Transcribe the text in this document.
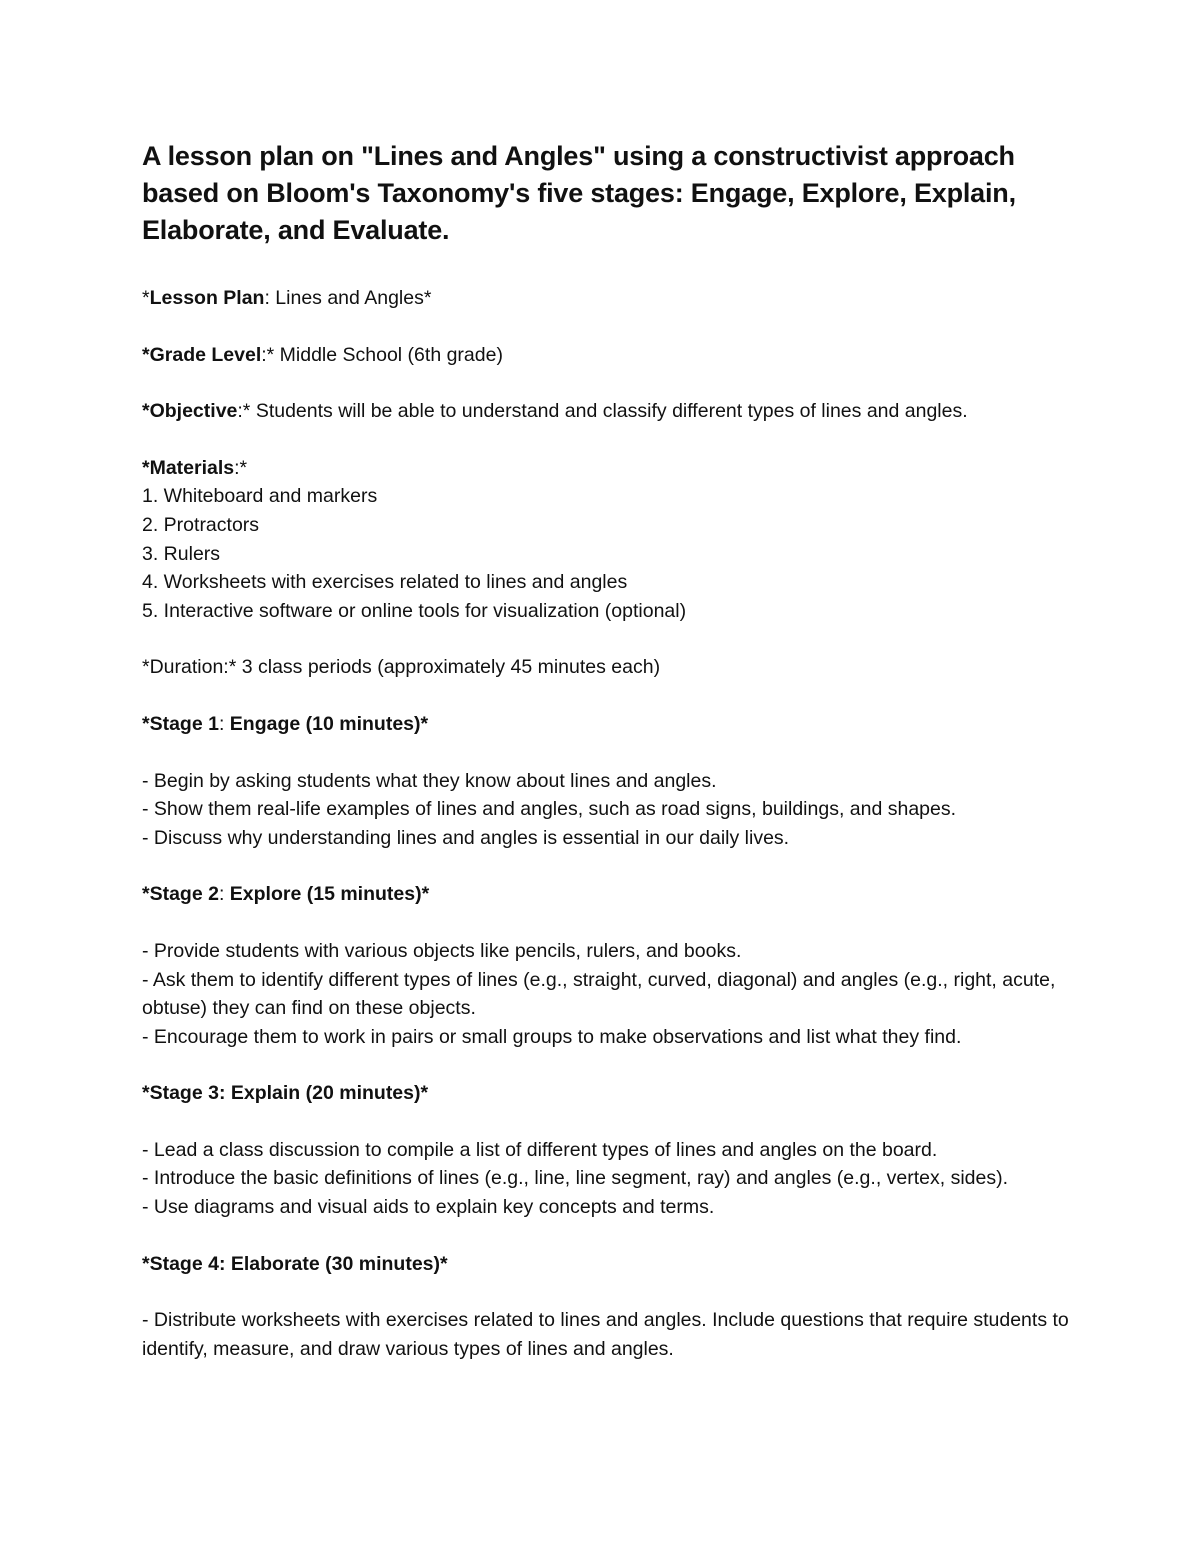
A lesson plan on "Lines and Angles" using a constructivist approach based on Bloom's Taxonomy's five stages: Engage, Explore, Explain, Elaborate, and Evaluate.

*Lesson Plan: Lines and Angles*

*Grade Level:* Middle School (6th grade)

*Objective:* Students will be able to understand and classify different types of lines and angles.

*Materials:*

1. Whiteboard and markers
2. Protractors
3. Rulers
4. Worksheets with exercises related to lines and angles
5. Interactive software or online tools for visualization (optional)

*Duration:* 3 class periods (approximately 45 minutes each)

*Stage 1: Engage (10 minutes)*

- Begin by asking students what they know about lines and angles.

- Show them real-life examples of lines and angles, such as road signs, buildings, and shapes.

- Discuss why understanding lines and angles is essential in our daily lives.

*Stage 2: Explore (15 minutes)*

- Provide students with various objects like pencils, rulers, and books.

- Ask them to identify different types of lines (e.g., straight, curved, diagonal) and angles (e.g., right, acute, obtuse) they can find on these objects.

- Encourage them to work in pairs or small groups to make observations and list what they find.

*Stage 3: Explain (20 minutes)*

- Lead a class discussion to compile a list of different types of lines and angles on the board.

- Introduce the basic definitions of lines (e.g., line, line segment, ray) and angles (e.g., vertex, sides).

- Use diagrams and visual aids to explain key concepts and terms.

*Stage 4: Elaborate (30 minutes)*

- Distribute worksheets with exercises related to lines and angles. Include questions that require students to identify, measure, and draw various types of lines and angles.
